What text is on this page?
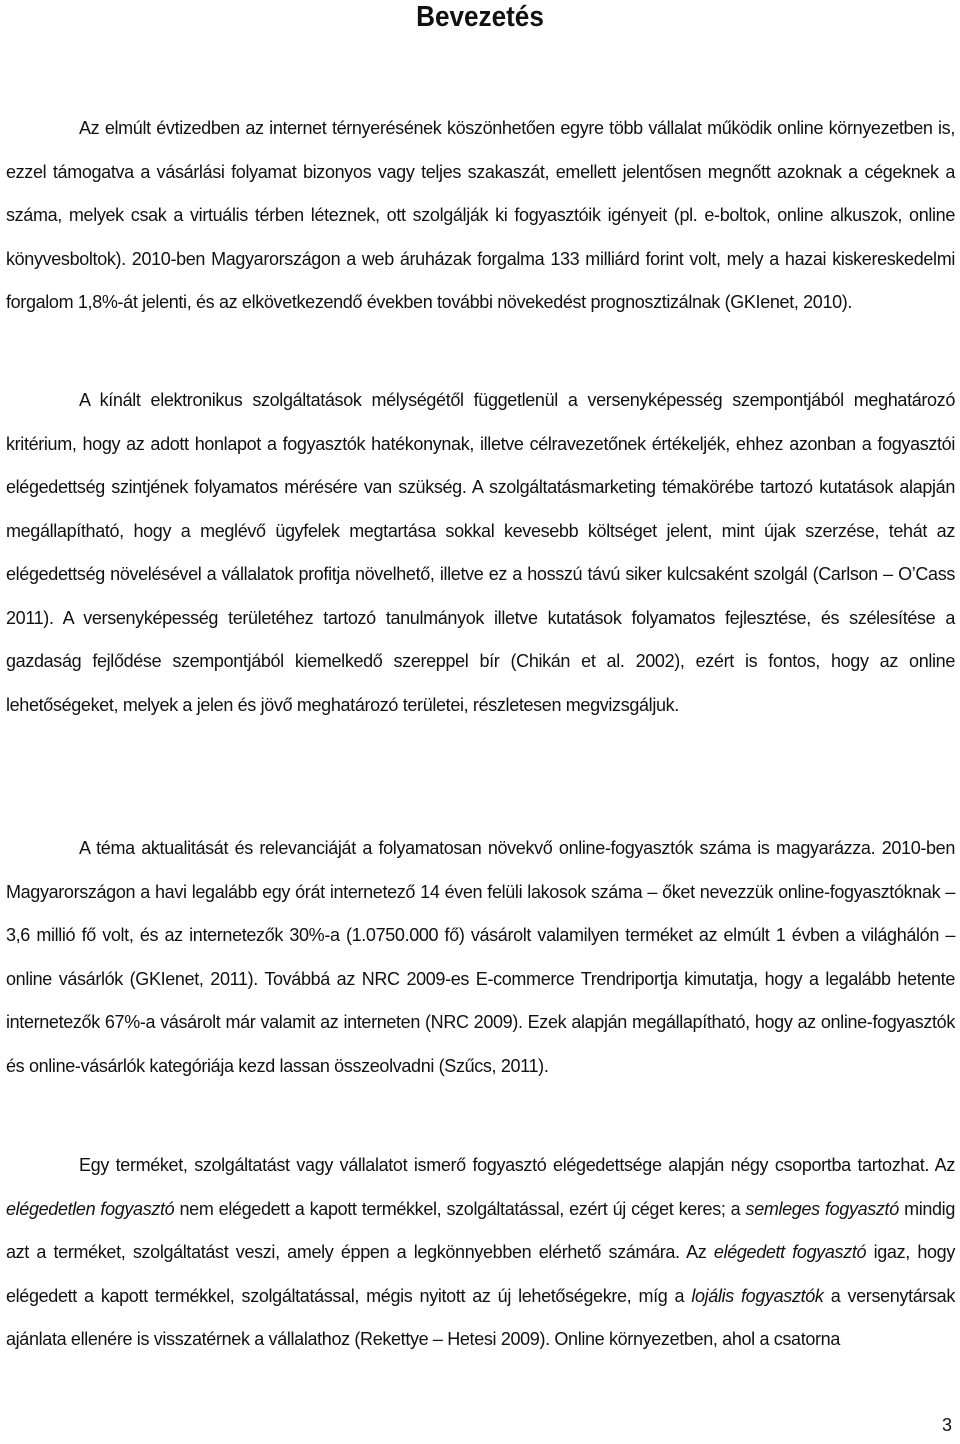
Bevezetés

Az elmúlt évtizedben az internet térnyerésének köszönhetően egyre több vállalat működik online környezetben is, ezzel támogatva a vásárlási folyamat bizonyos vagy teljes szakaszát, emellett jelentősen megnőtt azoknak a cégeknek a száma, melyek csak a virtuális térben léteznek, ott szolgálják ki fogyasztóik igényeit (pl. e-boltok, online alkuszok, online könyvesboltok). 2010-ben Magyarországon a web áruházak forgalma 133 milliárd forint volt, mely a hazai kiskereskedelmi forgalom 1,8%-át jelenti, és az elkövetkezendő években további növekedést prognosztizálnak (GKIenet, 2010).

A kínált elektronikus szolgáltatások mélységétől függetlenül a versenyképesség szempontjából meghatározó kritérium, hogy az adott honlapot a fogyasztók hatékonynak, illetve célravezetőnek értékeljék, ehhez azonban a fogyasztói elégedettség szintjének folyamatos mérésére van szükség. A szolgáltatásmarketing témakörébe tartozó kutatások alapján megállapítható, hogy a meglévő ügyfelek megtartása sokkal kevesebb költséget jelent, mint újak szerzése, tehát az elégedettség növelésével a vállalatok profitja növelhető, illetve ez a hosszú távú siker kulcsaként szolgál (Carlson – O’Cass 2011). A versenyképesség területéhez tartozó tanulmányok illetve kutatások folyamatos fejlesztése, és szélesítése a gazdaság fejlődése szempontjából kiemelkedő szereppel bír (Chikán et al. 2002), ezért is fontos, hogy az online lehetőségeket, melyek a jelen és jövő meghatározó területei, részletesen megvizsgáljuk.

A téma aktualitását és relevanciáját a folyamatosan növekvő online-fogyasztók száma is magyarázza. 2010-ben Magyarországon a havi legalább egy órát internetező 14 éven felüli lakosok száma – őket nevezzük online-fogyasztóknak – 3,6 millió fő volt, és az internetezők 30%-a (1.0750.000 fő) vásárolt valamilyen terméket az elmúlt 1 évben a világhálón – online vásárlók (GKIenet, 2011). Továbbá az NRC 2009-es E-commerce Trendriportja kimutatja, hogy a legalább hetente internetezők 67%-a vásárolt már valamit az interneten (NRC 2009). Ezek alapján megállapítható, hogy az online-fogyasztók és online-vásárlók kategóriája kezd lassan összeolvadni (Szűcs, 2011).

Egy terméket, szolgáltatást vagy vállalatot ismerő fogyasztó elégedettsége alapján négy csoportba tartozhat. Az elégedetlen fogyasztó nem elégedett a kapott termékkel, szolgáltatással, ezért új céget keres; a semleges fogyasztó mindig azt a terméket, szolgáltatást veszi, amely éppen a legkönnyebben elérhető számára. Az elégedett fogyasztó igaz, hogy elégedett a kapott termékkel, szolgáltatással, mégis nyitott az új lehetőségekre, míg a lojális fogyasztók a versenytársak ajánlata ellenére is visszatérnek a vállalathoz (Rekettye – Hetesi 2009). Online környezetben, ahol a csatorna

3
